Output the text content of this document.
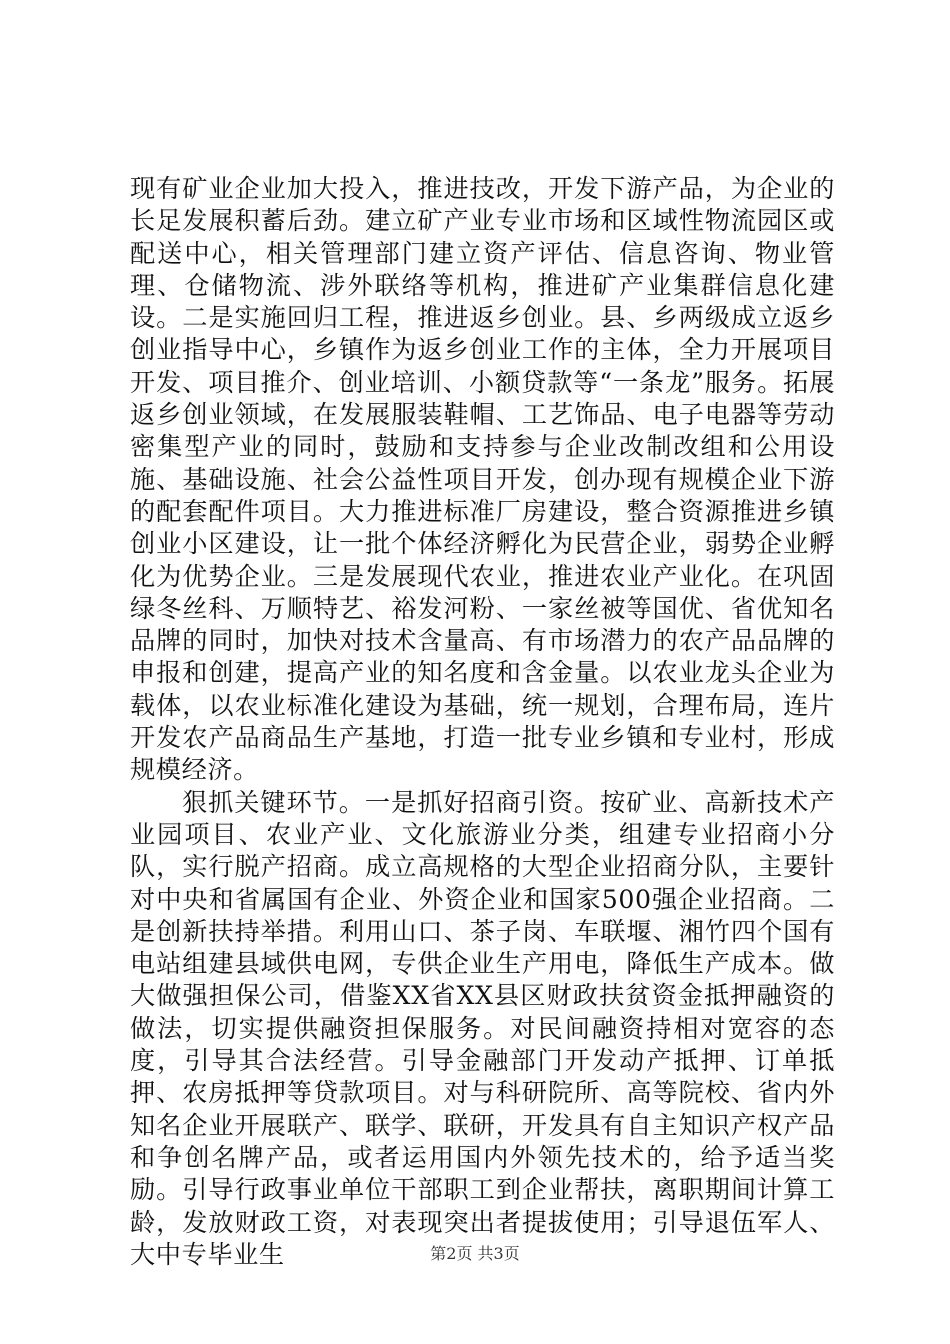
现有矿业企业加大投入，推进技改，开发下游产品，为企业的长足发展积蓄后劲。建立矿产业专业市场和区域性物流园区或配送中心，相关管理部门建立资产评估、信息咨询、物业管理、仓储物流、涉外联络等机构，推进矿产业集群信息化建设。二是实施回归工程，推进返乡创业。县、乡两级成立返乡创业指导中心，乡镇作为返乡创业工作的主体，全力开展项目开发、项目推介、创业培训、小额贷款等“一条龙”服务。拓展返乡创业领域，在发展服装鞋帽、工艺饰品、电子电器等劳动密集型产业的同时，鼓励和支持参与企业改制改组和公用设施、基础设施、社会公益性项目开发，创办现有规模企业下游的配套配件项目。大力推进标准厂房建设，整合资源推进乡镇创业小区建设，让一批个体经济孵化为民营企业，弱势企业孵化为优势企业。三是发展现代农业，推进农业产业化。在巩固绿冬丝科、万顺特艺、裕发河粉、一家丝被等国优、省优知名品牌的同时，加快对技术含量高、有市场潜力的农产品品牌的申报和创建，提高产业的知名度和含金量。以农业龙头企业为载体，以农业标准化建设为基础，统一规划，合理布局，连片开发农产品商品生产基地，打造一批专业乡镇和专业村，形成规模经济。

狠抓关键环节。一是抓好招商引资。按矿业、高新技术产业园项目、农业产业、文化旅游业分类，组建专业招商小分队，实行脱产招商。成立高规格的大型企业招商分队，主要针对中央和省属国有企业、外资企业和国家500强企业招商。二是创新扶持举措。利用山口、茶子岗、车联堰、湘竹四个国有电站组建县域供电网，专供企业生产用电，降低生产成本。做大做强担保公司，借鉴XX省XX县区财政扶贫资金抵押融资的做法，切实提供融资担保服务。对民间融资持相对宽容的态度，引导其合法经营。引导金融部门开发动产抵押、订单抵押、农房抵押等贷款项目。对与科研院所、高等院校、省内外知名企业开展联产、联学、联研，开发具有自主知识产权产品和争创名牌产品，或者运用国内外领先技术的，给予适当奖励。引导行政事业单位干部职工到企业帮扶，离职期间计算工龄，发放财政工资，对表现突出者提拔使用；引导退伍军人、大中专毕业生	第2页 共3页
